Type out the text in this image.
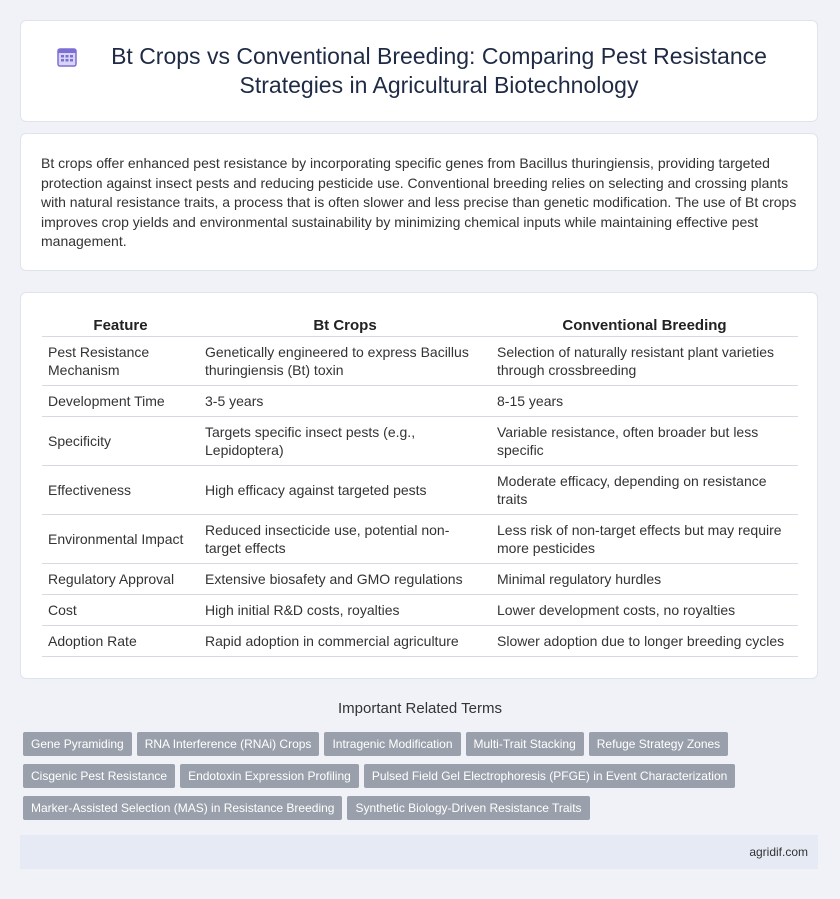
Bt Crops vs Conventional Breeding: Comparing Pest Resistance Strategies in Agricultural Biotechnology

Bt crops offer enhanced pest resistance by incorporating specific genes from Bacillus thuringiensis, providing targeted protection against insect pests and reducing pesticide use. Conventional breeding relies on selecting and crossing plants with natural resistance traits, a process that is often slower and less precise than genetic modification. The use of Bt crops improves crop yields and environmental sustainability by minimizing chemical inputs while maintaining effective pest management.

Feature	Bt Crops	Conventional Breeding
Pest Resistance Mechanism	Genetically engineered to express Bacillus thuringiensis (Bt) toxin	Selection of naturally resistant plant varieties through crossbreeding
Development Time	3-5 years	8-15 years
Specificity	Targets specific insect pests (e.g., Lepidoptera)	Variable resistance, often broader but less specific
Effectiveness	High efficacy against targeted pests	Moderate efficacy, depending on resistance traits
Environmental Impact	Reduced insecticide use, potential non-target effects	Less risk of non-target effects but may require more pesticides
Regulatory Approval	Extensive biosafety and GMO regulations	Minimal regulatory hurdles
Cost	High initial R&D costs, royalties	Lower development costs, no royalties
Adoption Rate	Rapid adoption in commercial agriculture	Slower adoption due to longer breeding cycles
Important Related Terms
Gene Pyramiding RNA Interference (RNAi) Crops Intragenic Modification Multi-Trait Stacking Refuge Strategy Zones
Cisgenic Pest Resistance Endotoxin Expression Profiling Pulsed Field Gel Electrophoresis (PFGE) in Event Characterization
Marker-Assisted Selection (MAS) in Resistance Breeding Synthetic Biology-Driven Resistance Traits
agridif.com
